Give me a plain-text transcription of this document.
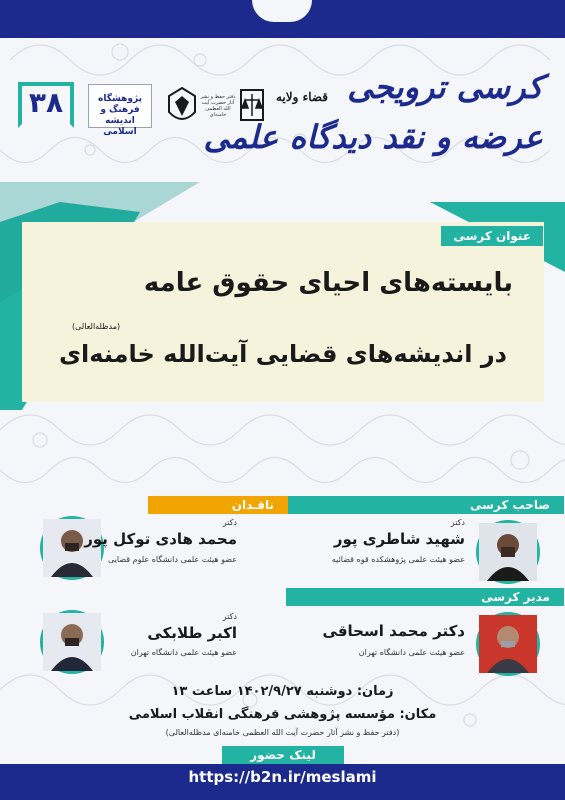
۳۸	پژوهشگاه فرهنگ و اندیشه اسلامی
دفتر حفظ و نشر آثار حضرت آیت الله العظمی خامنه‌ای
قضاء ولایه کرسی ترویجی
عرضه و نقد دیدگاه علمی
عنوان کرسی
بایسته‌های احیای حقوق عامه
(مدظله‌العالی)
در اندیشه‌های قضایی آیت‌الله خامنه‌ای
صاحب کرسی
ناقـدان
دکتر
شهید شاطری پور
عضو هیئت علمی پژوهشکده قوه قضائیه
دکتر
محمد هادی توکل پور
عضو هیئت علمی دانشگاه علوم قضایی
مدیر کرسی
دکتر محمد اسحاقی
عضو هیئت علمی دانشگاه تهران
دکتر
اکبر طلابکی
عضو هیئت علمی دانشگاه تهران
زمان: دوشنبه ۱۴۰۲/۹/۲۷ ساعت ۱۳
مکان: مؤسسه پژوهشی فرهنگی انقلاب اسلامی
(دفتر حفظ و نشر آثار حضرت آیت الله العظمی خامنه‌ای مدظله‌العالی)
لینک حضور
https://b2n.ir/meslami
